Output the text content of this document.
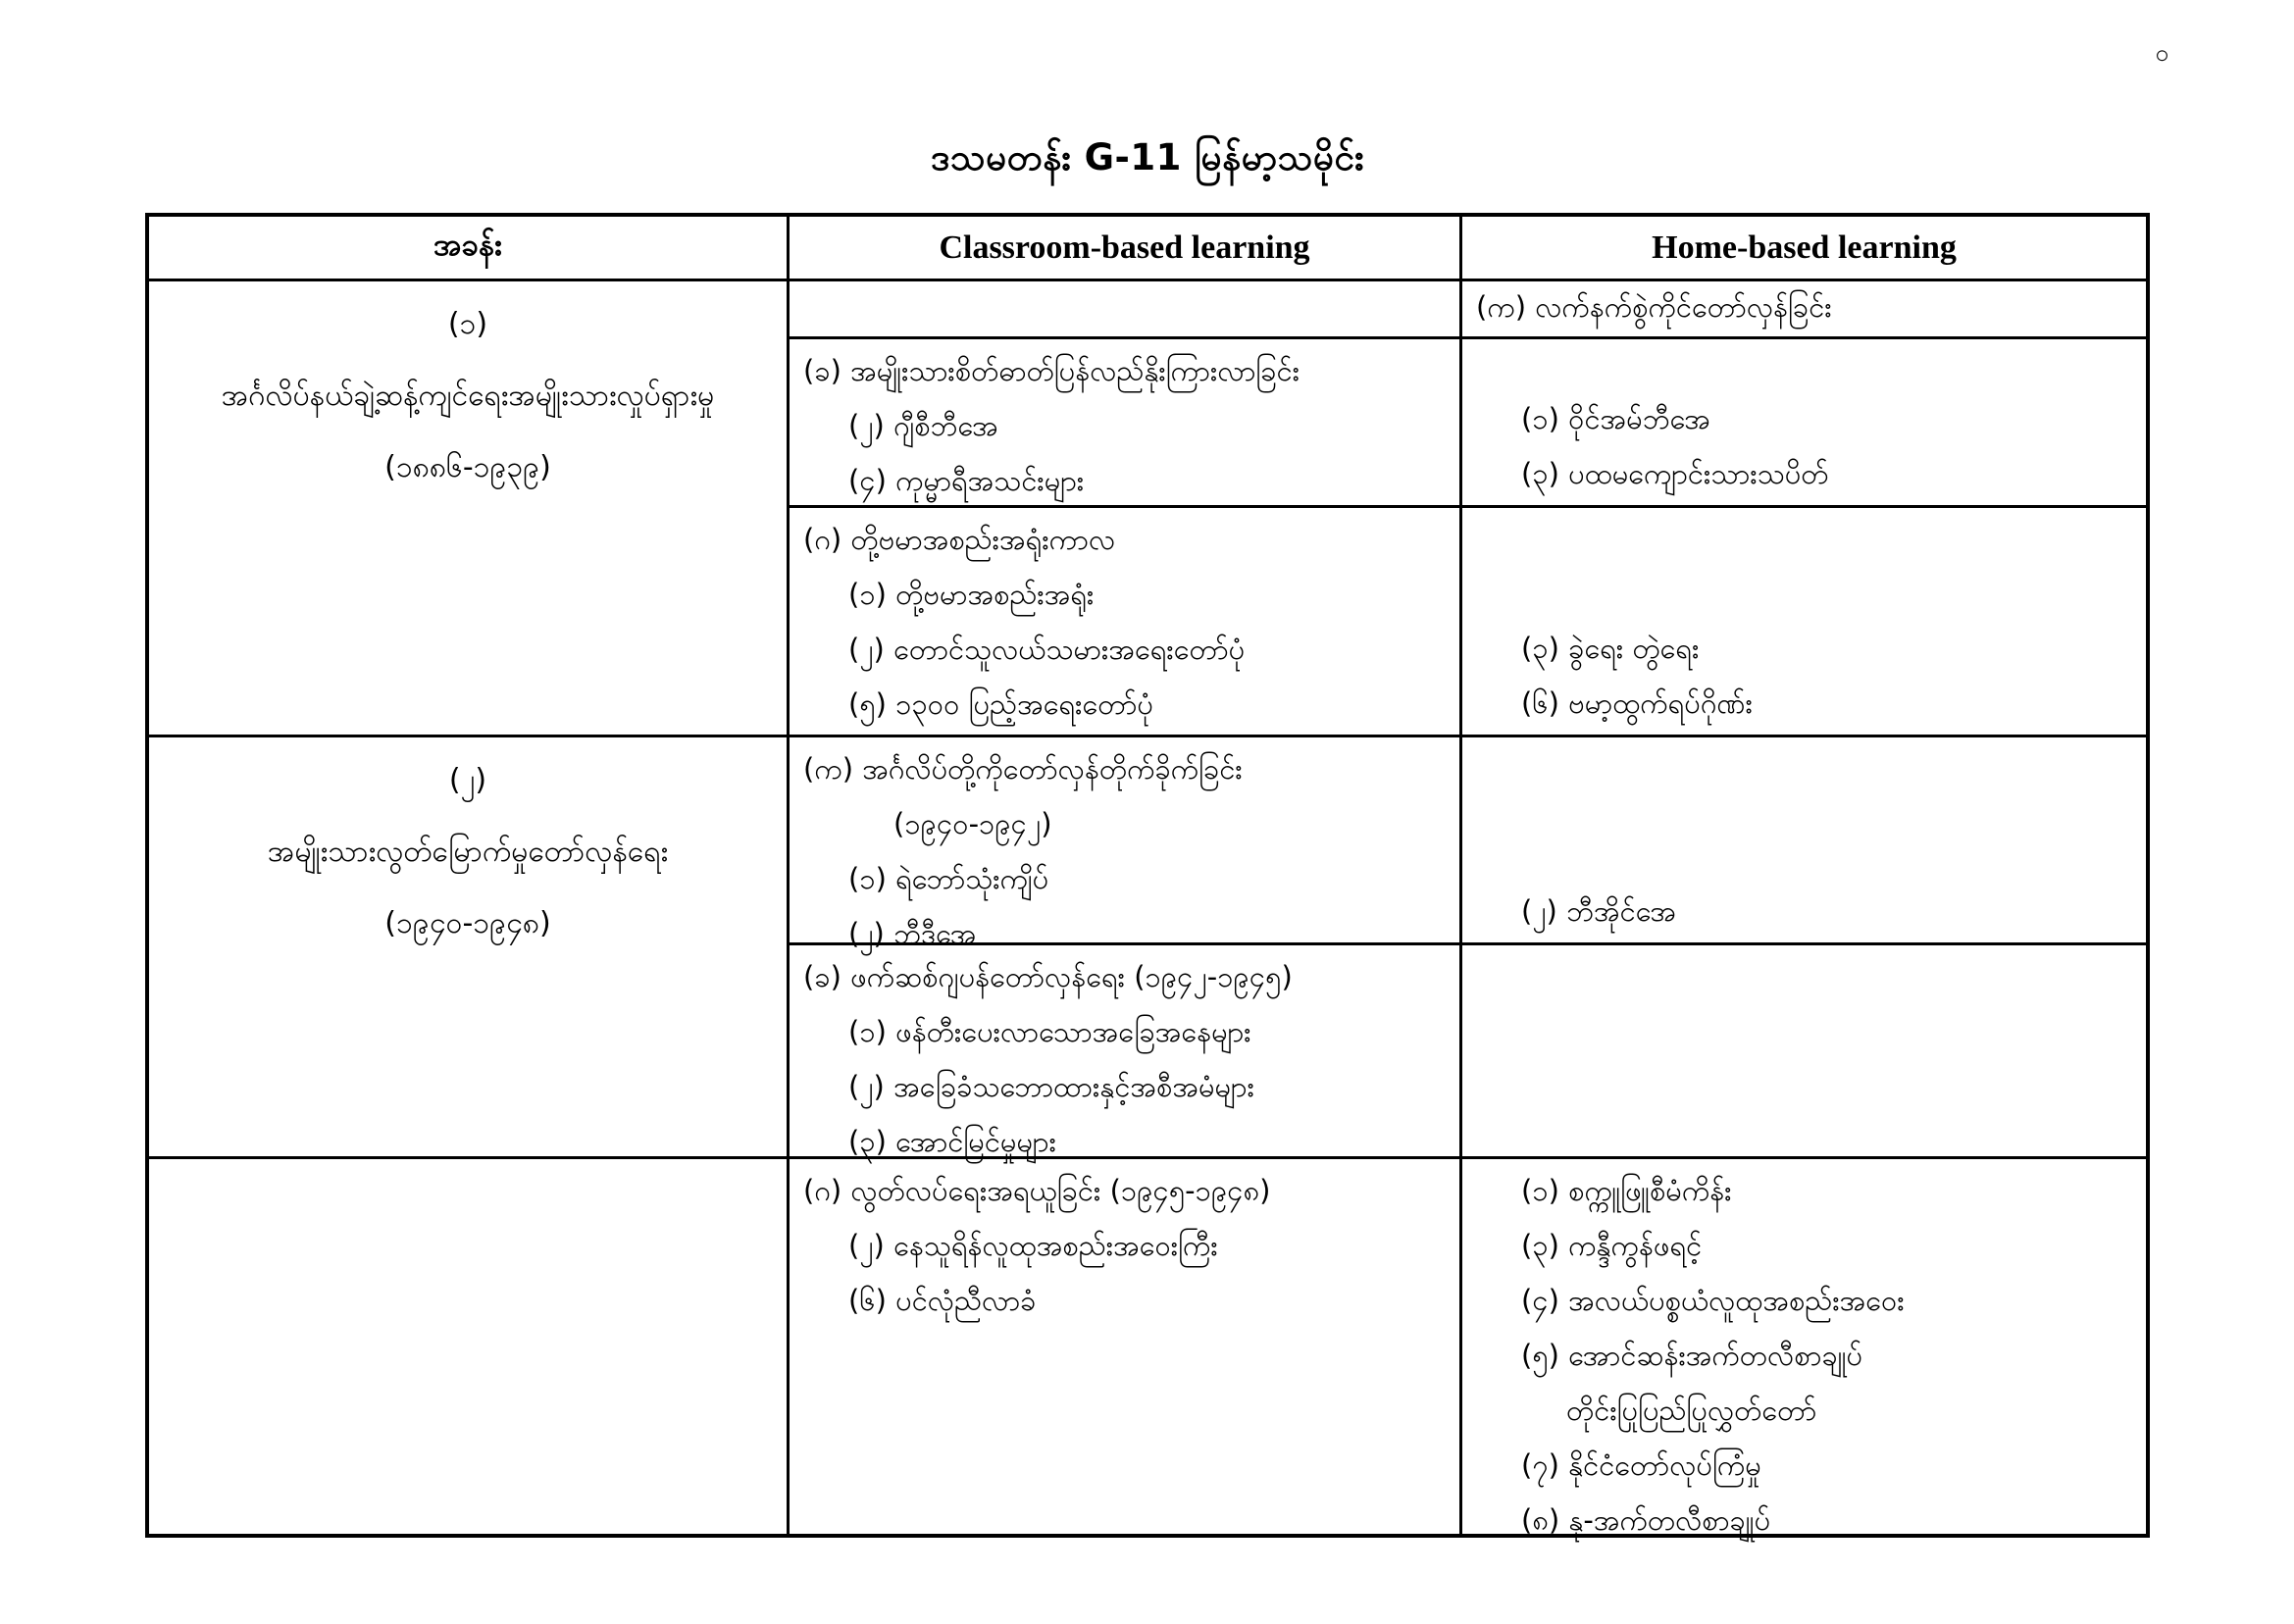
၀
ဒသမတန်း G-11 မြန်မာ့သမိုင်း
အခန်း	Classroom-based learning	Home-based learning
(၁)
အင်္ဂလိပ်နယ်ချဲ့ဆန့်ကျင်ရေးအမျိုးသားလှုပ်ရှားမှု
(၁၈၈၆-၁၉၃၉)
(ခ) အမျိုးသားစိတ်ဓာတ်ပြန်လည်နိုးကြားလာခြင်း
(၂) ဂျီစီဘီအေ
(၄) ကုမ္မာရီအသင်းများ
(ဂ) တို့ဗမာအစည်းအရုံးကာလ
(၁) တို့ဗမာအစည်းအရုံး
(၂) တောင်သူလယ်သမားအရေးတော်ပုံ
(၅) ၁၃၀၀ ပြည့်အရေးတော်ပုံ
(က) လက်နက်စွဲကိုင်တော်လှန်ခြင်း
(၁) ဝိုင်အမ်ဘီအေ
(၃) ပထမကျောင်းသားသပိတ်
(၃) ခွဲရေး တွဲရေး
(၆) ဗမာ့ထွက်ရပ်ဂိုဏ်း
(၂)
အမျိုးသားလွတ်မြောက်မှုတော်လှန်ရေး
(၁၉၄၀-၁၉၄၈)
(က) အင်္ဂလိပ်တို့ကိုတော်လှန်တိုက်ခိုက်ခြင်း
(၁၉၄၀-၁၉၄၂)
(၁) ရဲဘော်သုံးကျိပ်
(၂) ဘီဒီအေ
(ခ) ဖက်ဆစ်ဂျပန်တော်လှန်ရေး (၁၉၄၂-၁၉၄၅)
(၁) ဖန်တီးပေးလာသောအခြေအနေများ
(၂) အခြေခံသဘောထားနှင့်အစီအမံများ
(၃) အောင်မြင်မှုများ
(၂) ဘီအိုင်အေ
(ဂ) လွတ်လပ်ရေးအရယူခြင်း (၁၉၄၅-၁၉၄၈)
(၂) နေသူရိန်လူထုအစည်းအဝေးကြီး
(၆) ပင်လုံညီလာခံ
(၁) စက္ကူဖြူစီမံကိန်း
(၃) ကန္ဒီကွန်ဖရင့်
(၄) အလယ်ပစ္စယံလူထုအစည်းအဝေး
(၅) အောင်ဆန်းအက်တလီစာချုပ်
တိုင်းပြုပြည်ပြုလွှတ်တော်
(၇) နိုင်ငံတော်လုပ်ကြံမှု
(၈) နု-အက်တလီစာချုပ်
